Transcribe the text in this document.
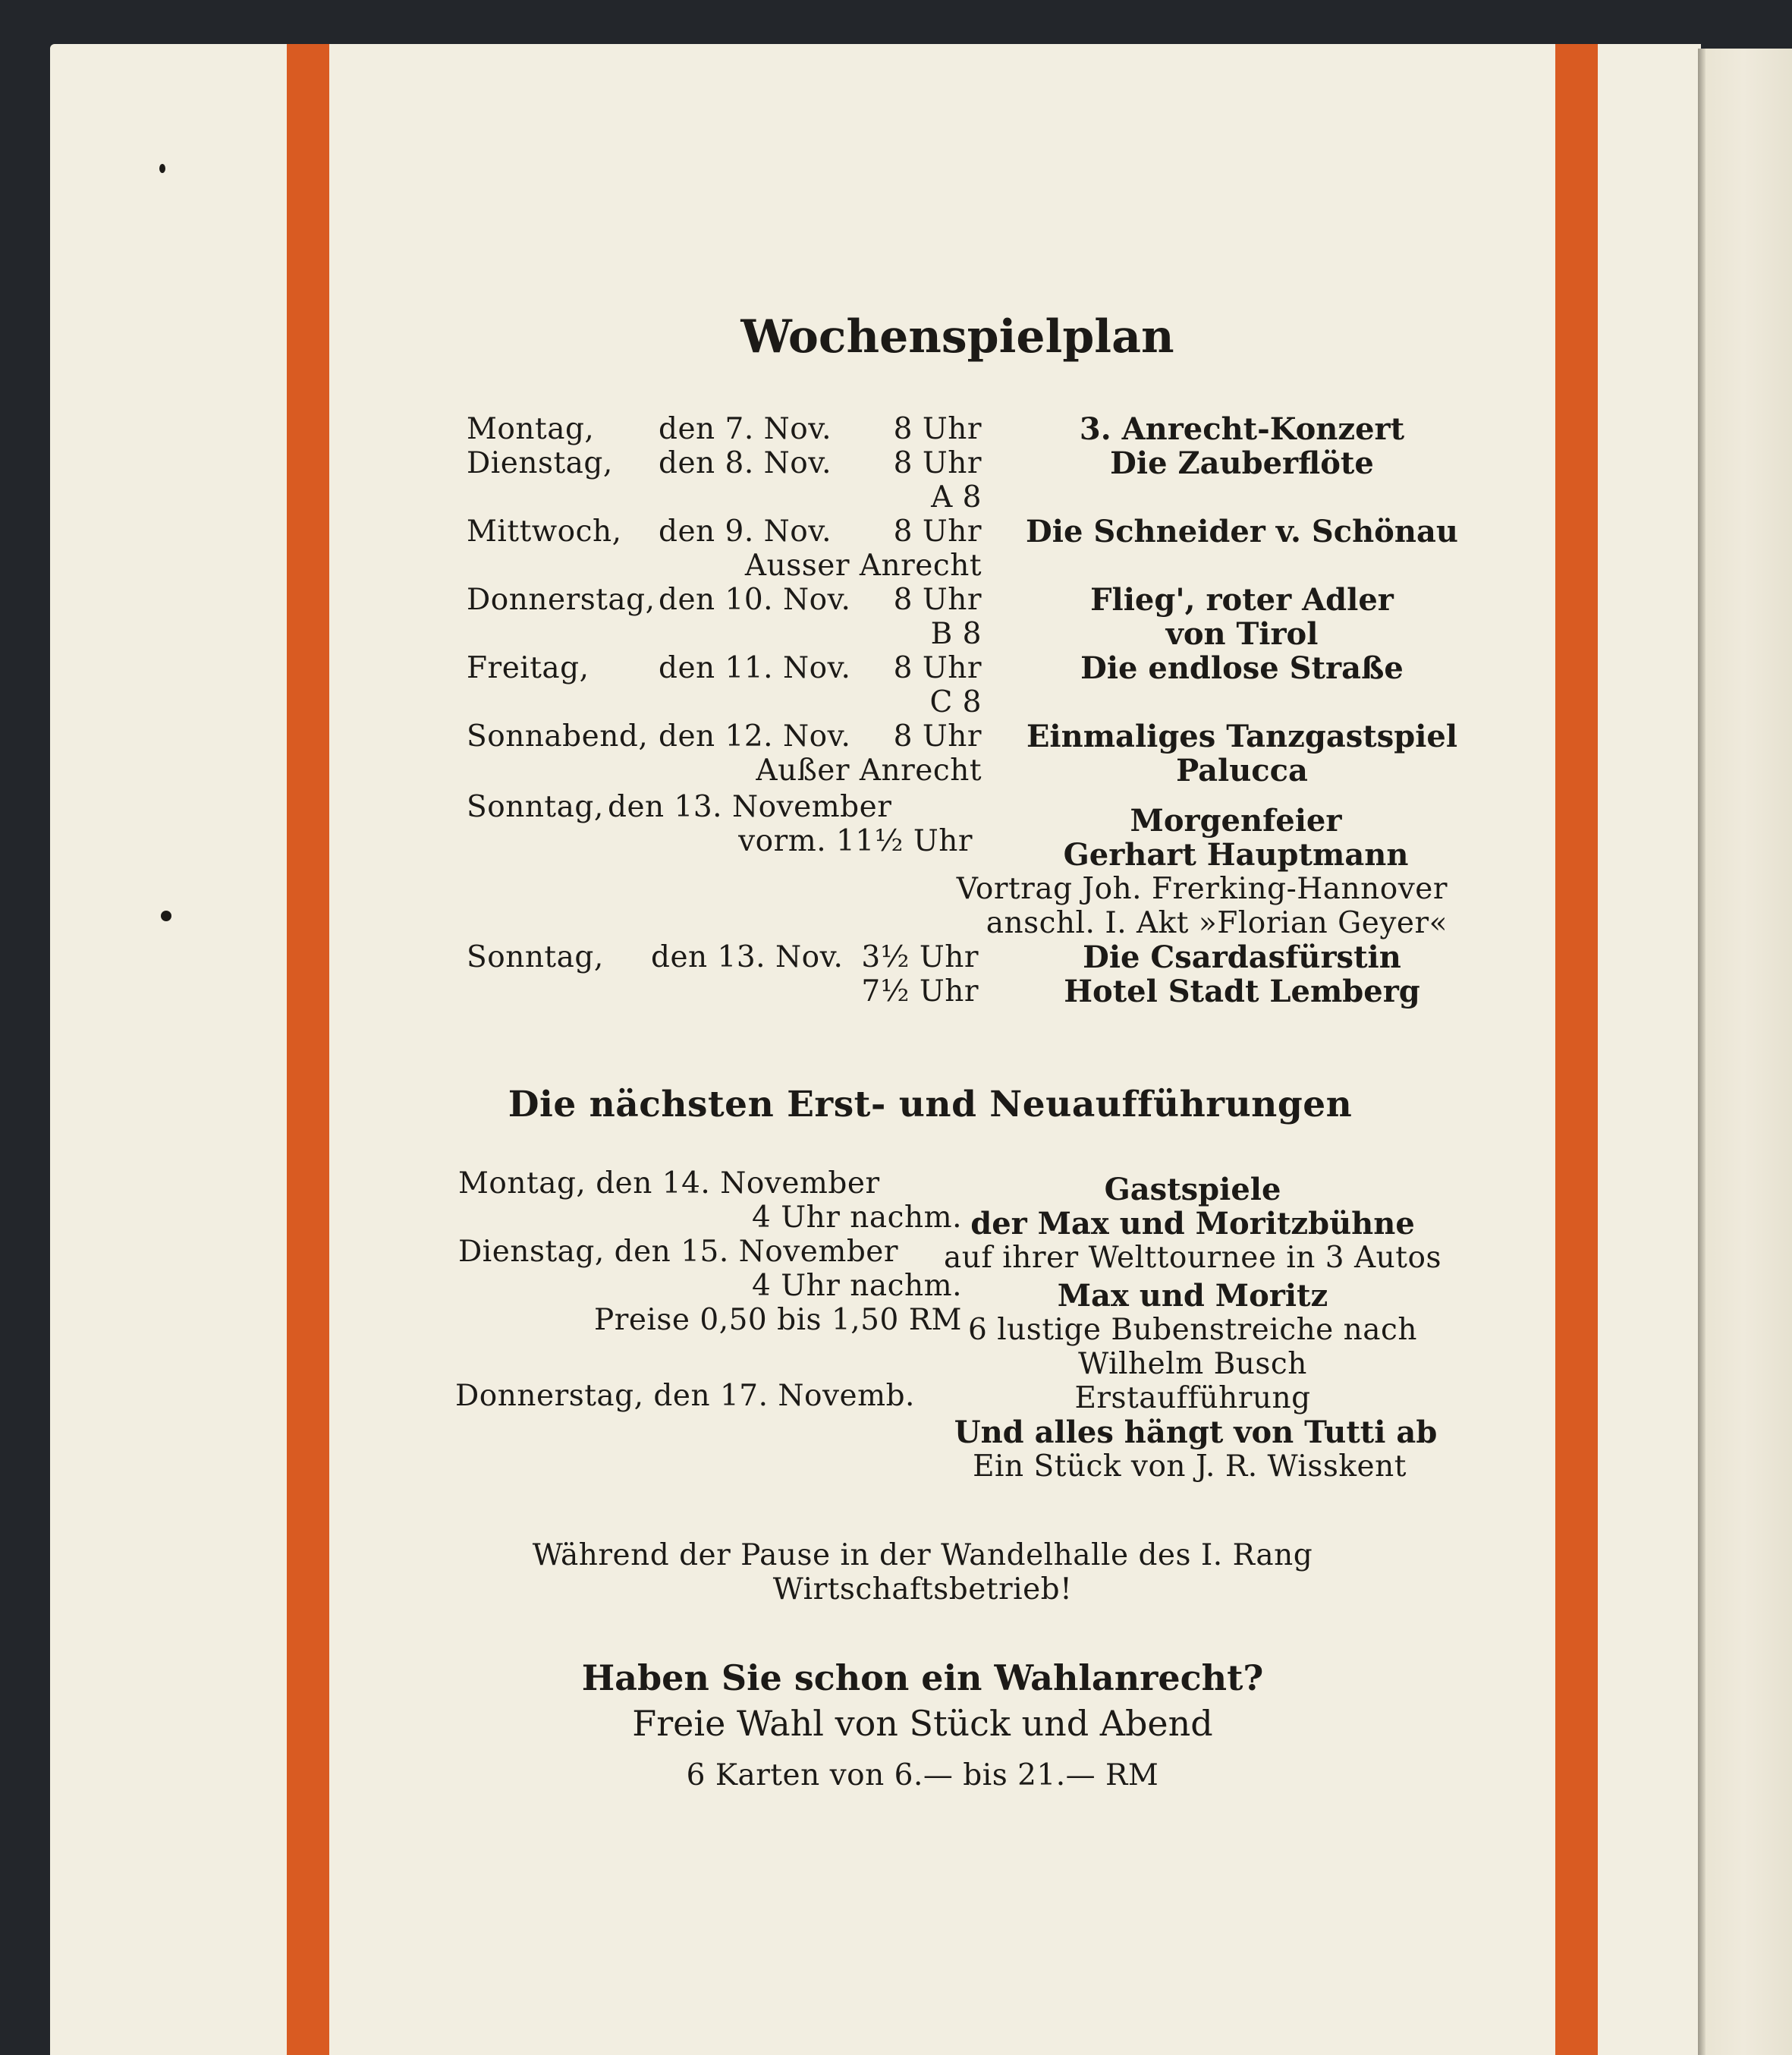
Wochenspielplan
Montag, den 7. Nov. 8 Uhr	3. Anrecht-Konzert
Dienstag, den 8. Nov. 8 Uhr
A 8
Die Zauberflöte
Mittwoch, den 9. Nov. 8 Uhr
Ausser Anrecht
Die Schneider v. Schönau
Donnerstag, den 10. Nov. 8 Uhr
B 8
Flieg', roter Adler
von Tirol
Freitag, den 11. Nov. 8 Uhr
C 8
Die endlose Straße
Sonnabend, den 12. Nov. 8 Uhr
Außer Anrecht
Einmaliges Tanzgastspiel
Palucca
Sonntag, den 13. November
vorm. 11½ Uhr
Morgenfeier
Gerhart Hauptmann
Vortrag Joh. Frerking-Hannover
anschl. I. Akt »Florian Geyer«
Sonntag, den 13. Nov. 3½ Uhr
7½ Uhr
Die Csardasfürstin
Hotel Stadt Lemberg
Die nächsten Erst- und Neuaufführungen
Montag, den 14. November
4 Uhr nachm.
Dienstag, den 15. November
4 Uhr nachm.
Preise 0,50 bis 1,50 RM
Donnerstag, den 17. Novemb.
Gastspiele
der Max und Moritzbühne
auf ihrer Welttournee in 3 Autos
Max und Moritz
6 lustige Bubenstreiche nach
Wilhelm Busch
Erstaufführung
Und alles hängt von Tutti ab
Ein Stück von J. R. Wisskent
Während der Pause in der Wandelhalle des I. Rang
Wirtschaftsbetrieb!
Haben Sie schon ein Wahlanrecht?
Freie Wahl von Stück und Abend
6 Karten von 6.— bis 21.— RM
